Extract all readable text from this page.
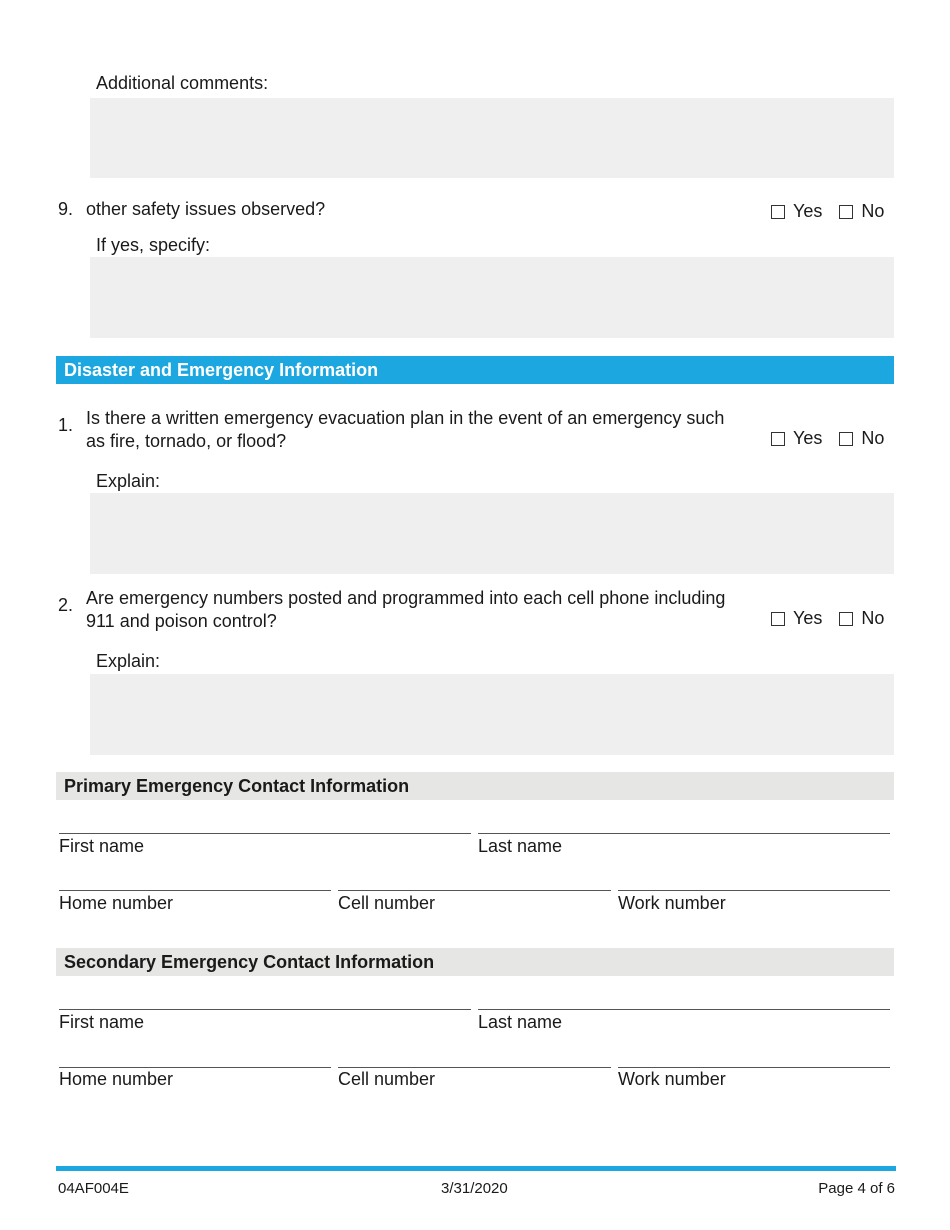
Additional comments:
9. other safety issues observed?	Yes No
If yes, specify:
Disaster and Emergency Information
1. Is there a written emergency evacuation plan in the event of an emergency such
as fire, tornado, or flood?	Yes No
Explain:
2. Are emergency numbers posted and programmed into each cell phone including
911 and poison control?	Yes No
Explain:
Primary Emergency Contact Information
First name	Last name
Home number	Cell number	Work number
Secondary Emergency Contact Information
First name	Last name
Home number	Cell number	Work number
04AF004E	3/31/2020	Page 4 of 6
